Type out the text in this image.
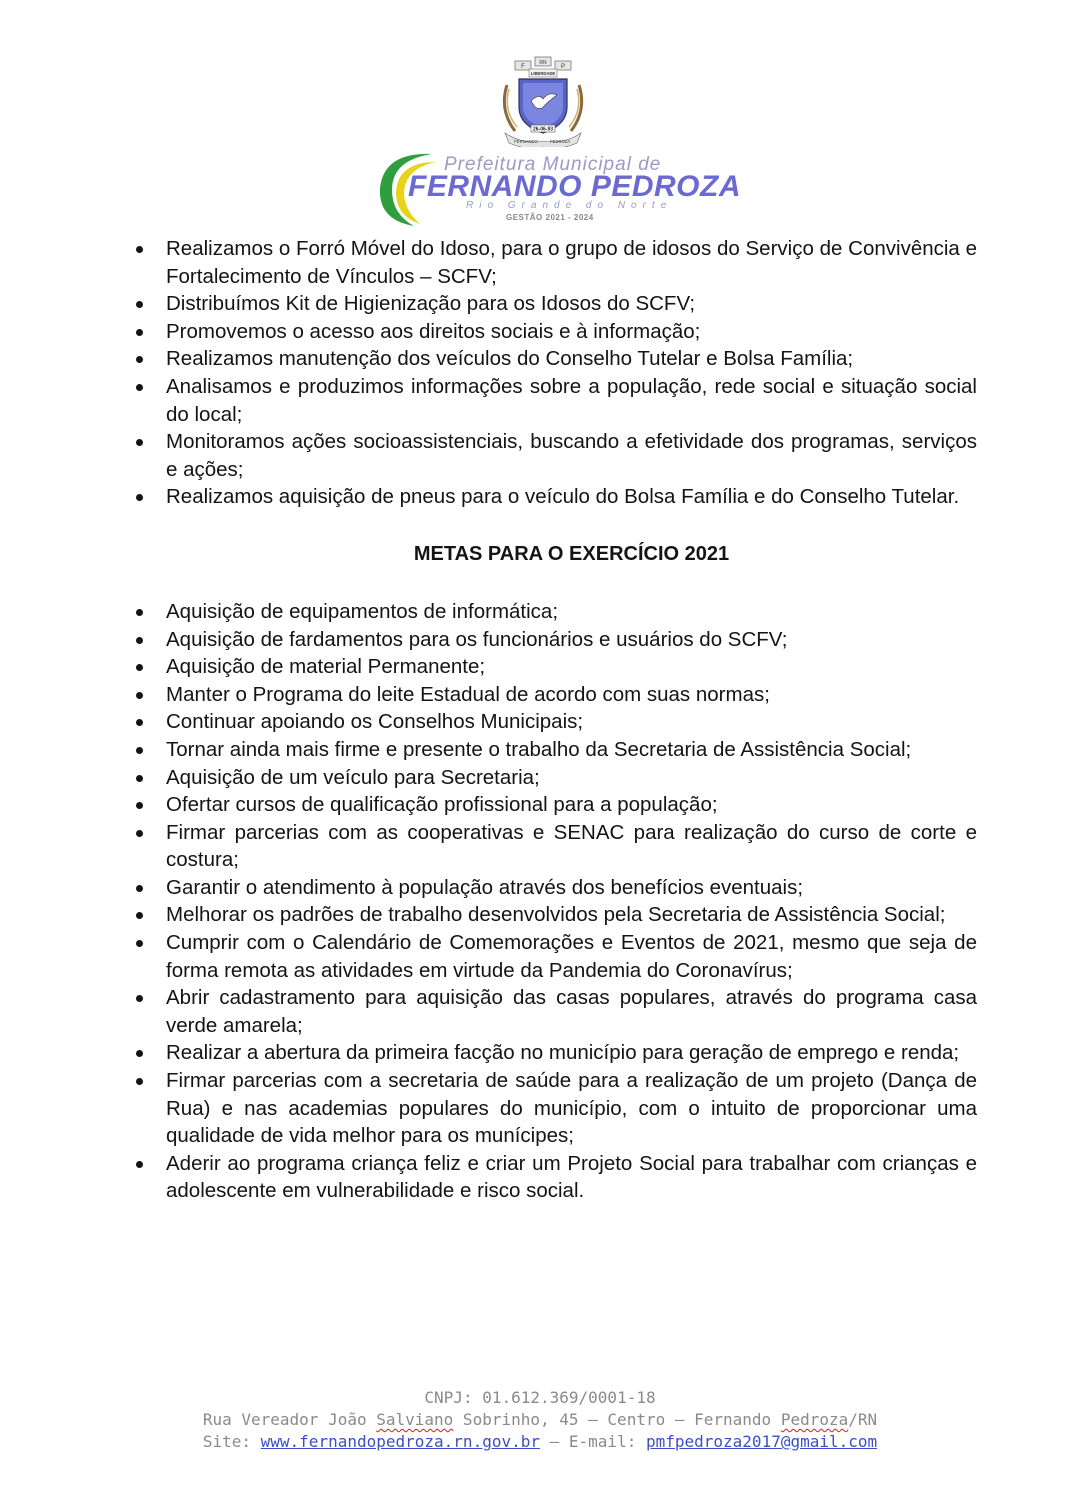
F
RN
P
LIBERDADE
26-06-93
FERNANDO	PEDROZA
Prefeitura Municipal de
FERNANDO PEDROZA
Rio Grande do Norte
GESTÃO 2021 - 2024
Realizamos o Forró Móvel do Idoso, para o grupo de idosos do Serviço de Convivência e Fortalecimento de Vínculos – SCFV;
Distribuímos Kit de Higienização para os Idosos do SCFV;
Promovemos o acesso aos direitos sociais e à informação;
Realizamos manutenção dos veículos do Conselho Tutelar e Bolsa Família;
Analisamos e produzimos informações sobre a população, rede social e situação social do local;
Monitoramos ações socioassistenciais, buscando a efetividade dos programas, serviços e ações;
Realizamos aquisição de pneus para o veículo do Bolsa Família e do Conselho Tutelar.
METAS PARA O EXERCÍCIO 2021
Aquisição de equipamentos de informática;
Aquisição de fardamentos para os funcionários e usuários do SCFV;
Aquisição de material Permanente;
Manter o Programa do leite Estadual de acordo com suas normas;
Continuar apoiando os Conselhos Municipais;
Tornar ainda mais firme e presente o trabalho da Secretaria de Assistência Social;
Aquisição de um veículo para Secretaria;
Ofertar cursos de qualificação profissional para a população;
Firmar parcerias com as cooperativas e SENAC para realização do curso de corte e costura;
Garantir o atendimento à população através dos benefícios eventuais;
Melhorar os padrões de trabalho desenvolvidos pela Secretaria de Assistência Social;
Cumprir com o Calendário de Comemorações e Eventos de 2021, mesmo que seja de forma remota as atividades em virtude da Pandemia do Coronavírus;
Abrir cadastramento para aquisição das casas populares, através do programa casa verde amarela;
Realizar a abertura da primeira facção no município para geração de emprego e renda;
Firmar parcerias com a secretaria de saúde para a realização de um projeto (Dança de Rua) e nas academias populares do município, com o intuito de proporcionar uma qualidade de vida melhor para os munícipes;
Aderir ao programa criança feliz e criar um Projeto Social para trabalhar com crianças e adolescente em vulnerabilidade e risco social.
CNPJ: 01.612.369/0001-18
Rua Vereador João Salviano Sobrinho, 45 – Centro – Fernando Pedroza/RN
Site: www.fernandopedroza.rn.gov.br – E-mail: pmfpedroza2017@gmail.com
